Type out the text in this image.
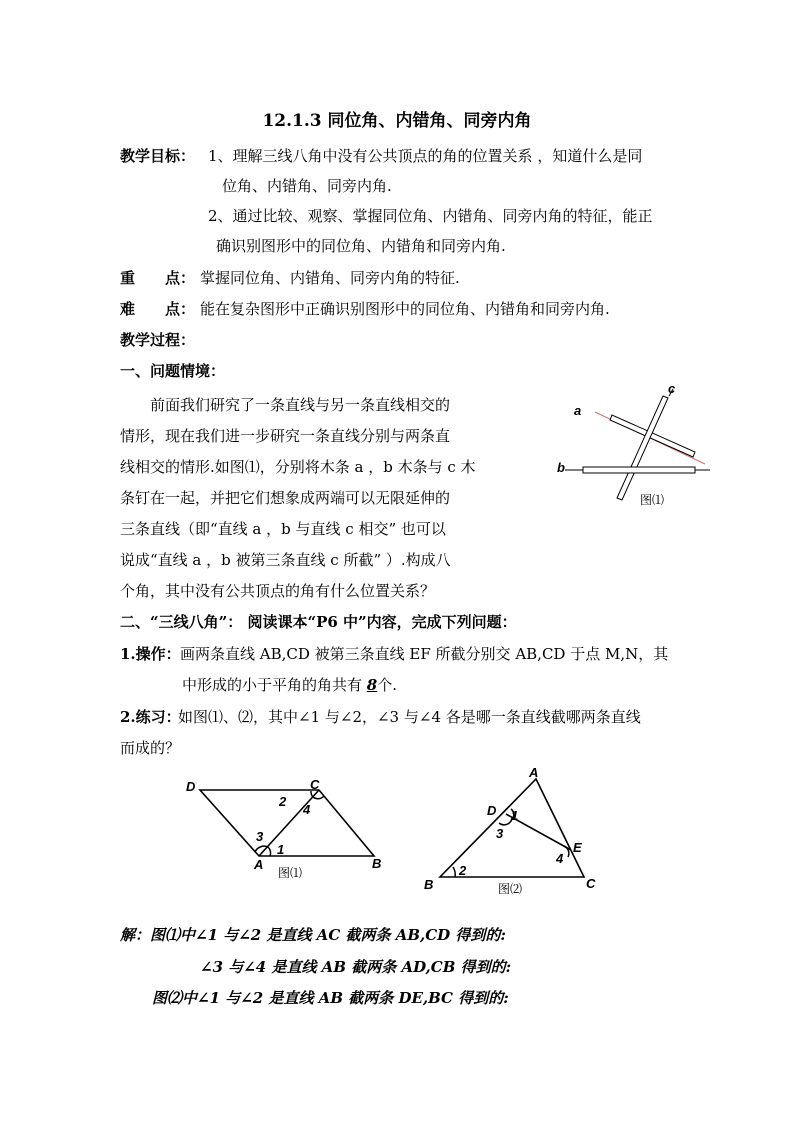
12.1.3 同位角、内错角、同旁内角
教学目标： 1、理解三线八角中没有公共顶点的角的位置关系 ，知道什么是同
位角、内错角、同旁内角.
2、通过比较、观察、掌握同位角、内错角、同旁内角的特征，能正
确识别图形中的同位角、内错角和同旁内角.
重　　点： 掌握同位角、内错角、同旁内角的特征.
难　　点： 能在复杂图形中正确识别图形中的同位角、内错角和同旁内角.
教学过程：
一、问题情境：
前面我们研究了一条直线与另一条直线相交的
情形，现在我们进一步研究一条直线分别与两条直
线相交的情形.如图⑴，分别将木条 a ，b 木条与 c 木
条钉在一起，并把它们想象成两端可以无限延伸的
三条直线（即“直线 a ，b 与直线 c 相交” 也可以
说成“直线 a ，b 被第三条直线 c 所截” ）.构成八
个角，其中没有公共顶点的角有什么位置关系？
a
b
c
图⑴
二、“三线八角”： 阅读课本“P6 中”内容，完成下列问题：
1.操作： 画两条直线 AB,CD 被第三条直线 EF 所截分别交 AB,CD 于点 M,N，其
中形成的小于平角的角共有 8个.
2.练习：
如图⑴、⑵，其中∠1 与∠2，∠3 与∠4 各是哪一条直线截哪两条直线
而成的？
D	C
A	B
1
2
3
4
图⑴
A
D
E
B	C
1
2
3
4
图⑵
解：图⑴中∠1 与∠2 是直线 AC 截两条 AB,CD 得到的:
∠3 与∠4 是直线 AB 截两条 AD,CB 得到的:
图⑵中∠1 与∠2 是直线 AB 截两条 DE,BC 得到的:
